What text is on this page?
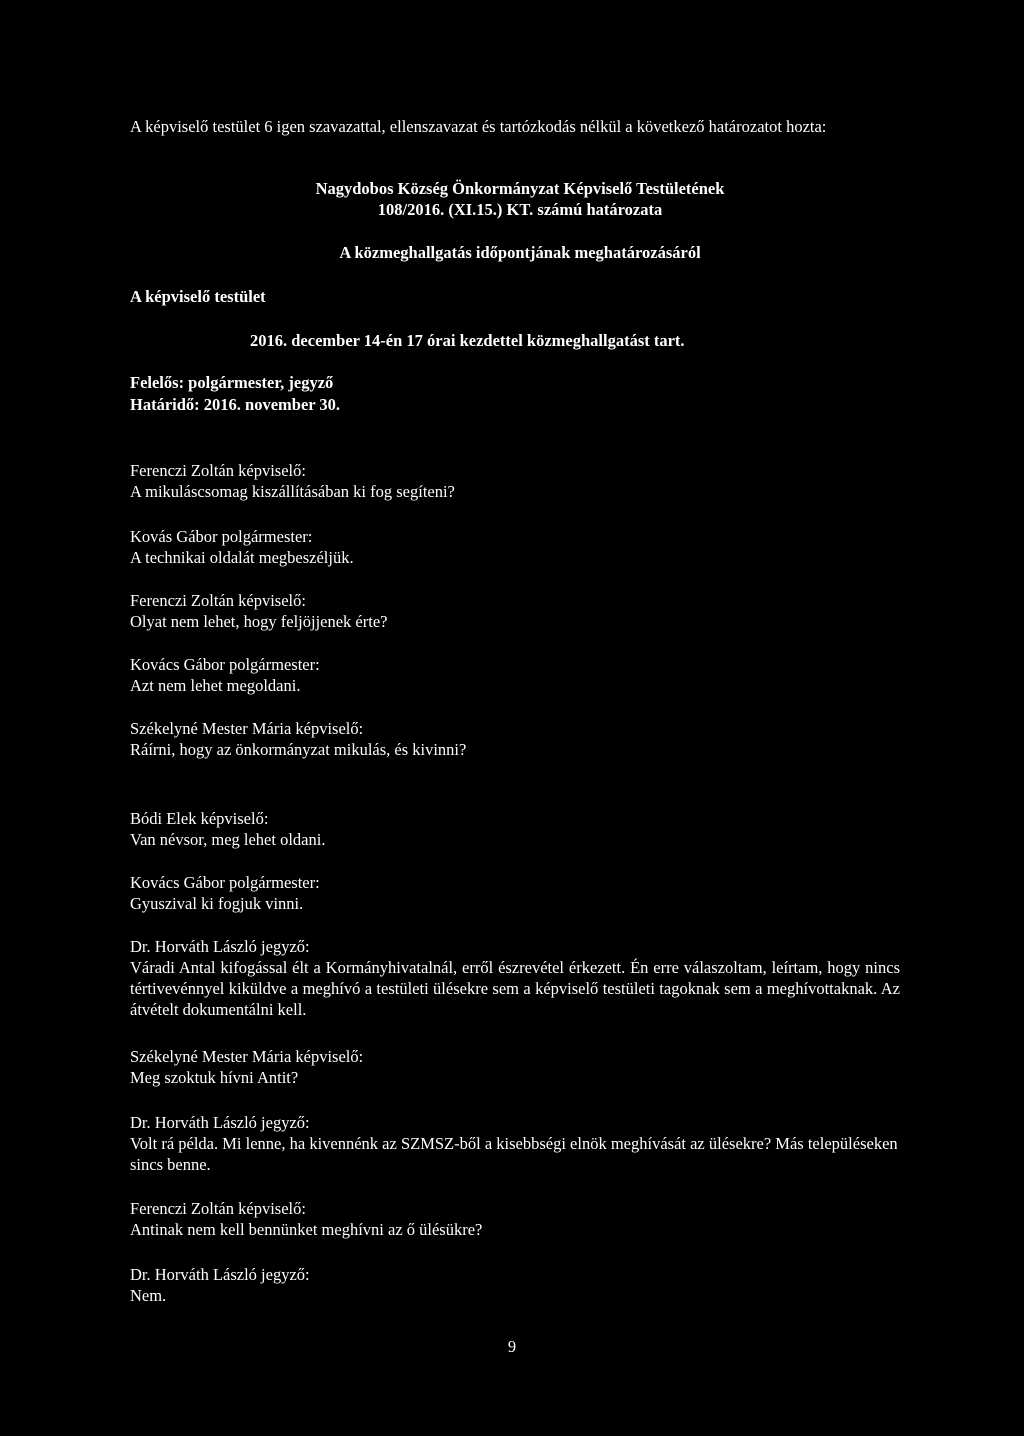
A képviselő testület 6 igen szavazattal, ellenszavazat és tartózkodás nélkül a következő határozatot hozta:
Nagydobos Község Önkormányzat Képviselő Testületének
108/2016. (XI.15.) KT. számú határozata
A közmeghallgatás időpontjának meghatározásáról
A képviselő testület
2016. december 14-én 17 órai kezdettel közmeghallgatást tart.
Felelős: polgármester, jegyző
Határidő: 2016. november 30.
Ferenczi Zoltán képviselő:
A mikuláscsomag kiszállításában ki fog segíteni?
Kovás Gábor polgármester:
A technikai oldalát megbeszéljük.
Ferenczi Zoltán képviselő:
Olyat nem lehet, hogy feljöjjenek érte?
Kovács Gábor polgármester:
Azt nem lehet megoldani.
Székelyné Mester Mária képviselő:
Ráírni, hogy az önkormányzat mikulás, és kivinni?
Bódi Elek képviselő:
Van névsor, meg lehet oldani.
Kovács Gábor polgármester:
Gyuszival ki fogjuk vinni.
Dr. Horváth László jegyző:
Váradi Antal kifogással élt a Kormányhivatalnál, erről észrevétel érkezett. Én erre válaszoltam, leírtam, hogy nincs tértivevénnyel kiküldve a meghívó a testületi ülésekre sem a képviselő testületi tagoknak sem a meghívottaknak. Az átvételt dokumentálni kell.
Székelyné Mester Mária képviselő:
Meg szoktuk hívni Antit?
Dr. Horváth László jegyző:
Volt rá példa. Mi lenne, ha kivennénk az SZMSZ-ből a kisebbségi elnök meghívását az ülésekre? Más településeken sincs benne.
Ferenczi Zoltán képviselő:
Antinak nem kell bennünket meghívni az ő ülésükre?
Dr. Horváth László jegyző:
Nem.
9
